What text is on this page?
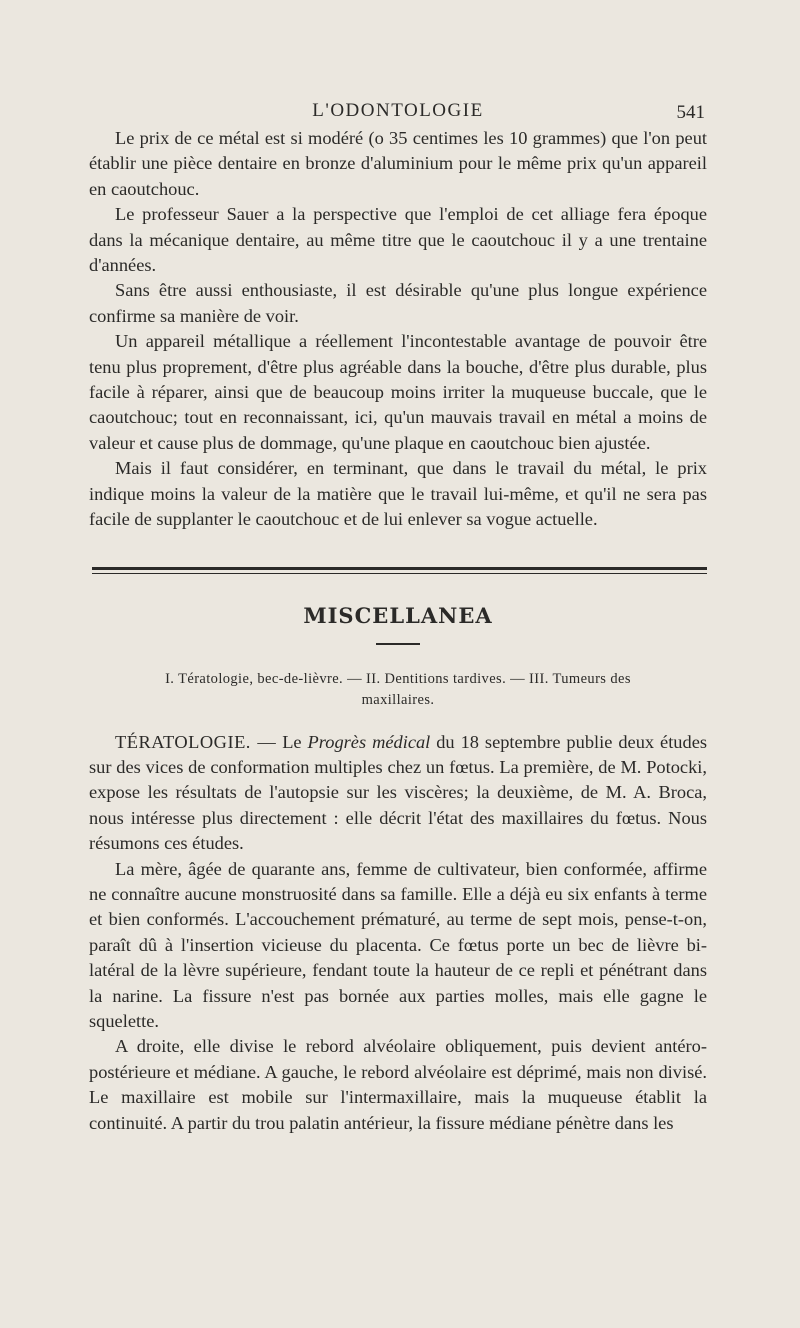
L'ODONTOLOGIE	541

Le prix de ce métal est si modéré (o 35 centimes les 10 grammes) que l'on peut établir une pièce dentaire en bronze d'aluminium pour le même prix qu'un appareil en caoutchouc.

Le professeur Sauer a la perspective que l'emploi de cet alliage fera époque dans la mécanique dentaire, au même titre que le caoutchouc il y a une trentaine d'années.

Sans être aussi enthousiaste, il est désirable qu'une plus longue expérience confirme sa manière de voir.

Un appareil métallique a réellement l'incontestable avantage de pouvoir être tenu plus proprement, d'être plus agréable dans la bouche, d'être plus durable, plus facile à réparer, ainsi que de beaucoup moins irriter la muqueuse buccale, que le caoutchouc; tout en reconnaissant, ici, qu'un mauvais travail en métal a moins de valeur et cause plus de dommage, qu'une plaque en caoutchouc bien ajustée.

Mais il faut considérer, en terminant, que dans le travail du métal, le prix indique moins la valeur de la matière que le travail lui-même, et qu'il ne sera pas facile de supplanter le caoutchouc et de lui enlever sa vogue actuelle.

MISCELLANEA
I. Tératologie, bec-de-lièvre. — II. Dentitions tardives. — III. Tumeurs des
maxillaires.

TÉRATOLOGIE. — Le Progrès médical du 18 septembre publie deux études sur des vices de conformation multiples chez un fœtus. La première, de M. Potocki, expose les résultats de l'autopsie sur les viscères; la deuxième, de M. A. Broca, nous intéresse plus directement : elle décrit l'état des maxillaires du fœtus. Nous résumons ces études.

La mère, âgée de quarante ans, femme de cultivateur, bien conformée, affirme ne connaître aucune monstruosité dans sa famille. Elle a déjà eu six enfants à terme et bien conformés. L'accouchement prématuré, au terme de sept mois, pense-t-on, paraît dû à l'insertion vicieuse du placenta. Ce fœtus porte un bec de lièvre bi-latéral de la lèvre supérieure, fendant toute la hauteur de ce repli et pénétrant dans la narine. La fissure n'est pas bornée aux parties molles, mais elle gagne le squelette.

A droite, elle divise le rebord alvéolaire obliquement, puis devient antéro-postérieure et médiane. A gauche, le rebord alvéolaire est déprimé, mais non divisé. Le maxillaire est mobile sur l'intermaxillaire, mais la muqueuse établit la continuité. A partir du trou palatin antérieur, la fissure médiane pénètre dans les
